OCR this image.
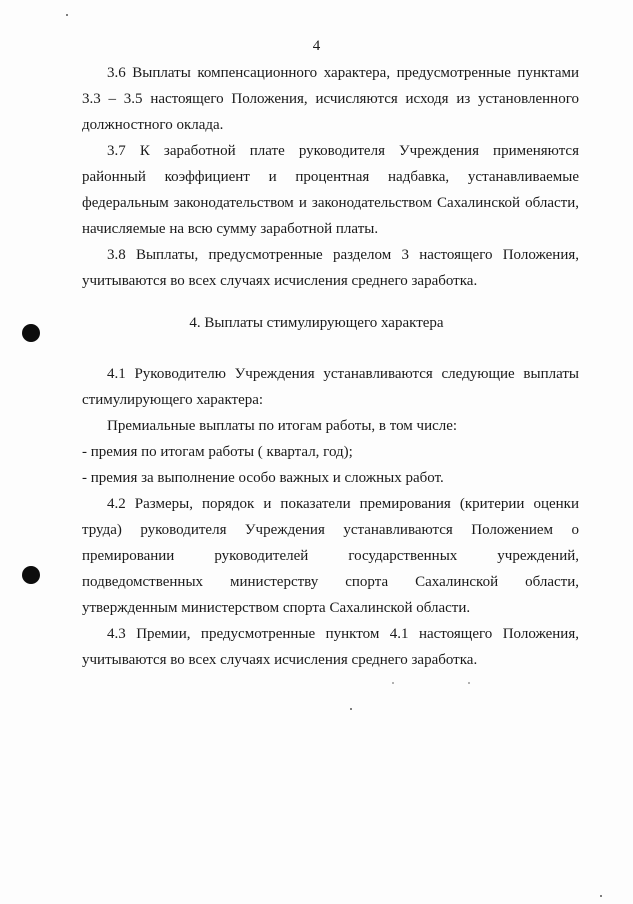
4
3.6 Выплаты компенсационного характера, предусмотренные пунктами
3.3 – 3.5 настоящего Положения, исчисляются исходя из установленного
должностного оклада.
3.7 К заработной плате руководителя Учреждения применяются
районный коэффициент и процентная надбавка, устанавливаемые
федеральным законодательством и законодательством Сахалинской области,
начисляемые на всю сумму заработной платы.
3.8 Выплаты, предусмотренные разделом 3 настоящего Положения,
учитываются во всех случаях исчисления среднего заработка.
4. Выплаты стимулирующего характера
4.1 Руководителю Учреждения устанавливаются следующие выплаты
стимулирующего характера:
Премиальные выплаты по итогам работы, в том числе:
- премия по итогам работы ( квартал, год);
- премия за выполнение особо важных и сложных работ.
4.2 Размеры, порядок и показатели премирования (критерии оценки
труда) руководителя Учреждения устанавливаются Положением о
премировании руководителей государственных учреждений,
подведомственных министерству спорта Сахалинской области,
утвержденным министерством спорта Сахалинской области.
4.3 Премии, предусмотренные пунктом 4.1 настоящего Положения,
учитываются во всех случаях исчисления среднего заработка.
